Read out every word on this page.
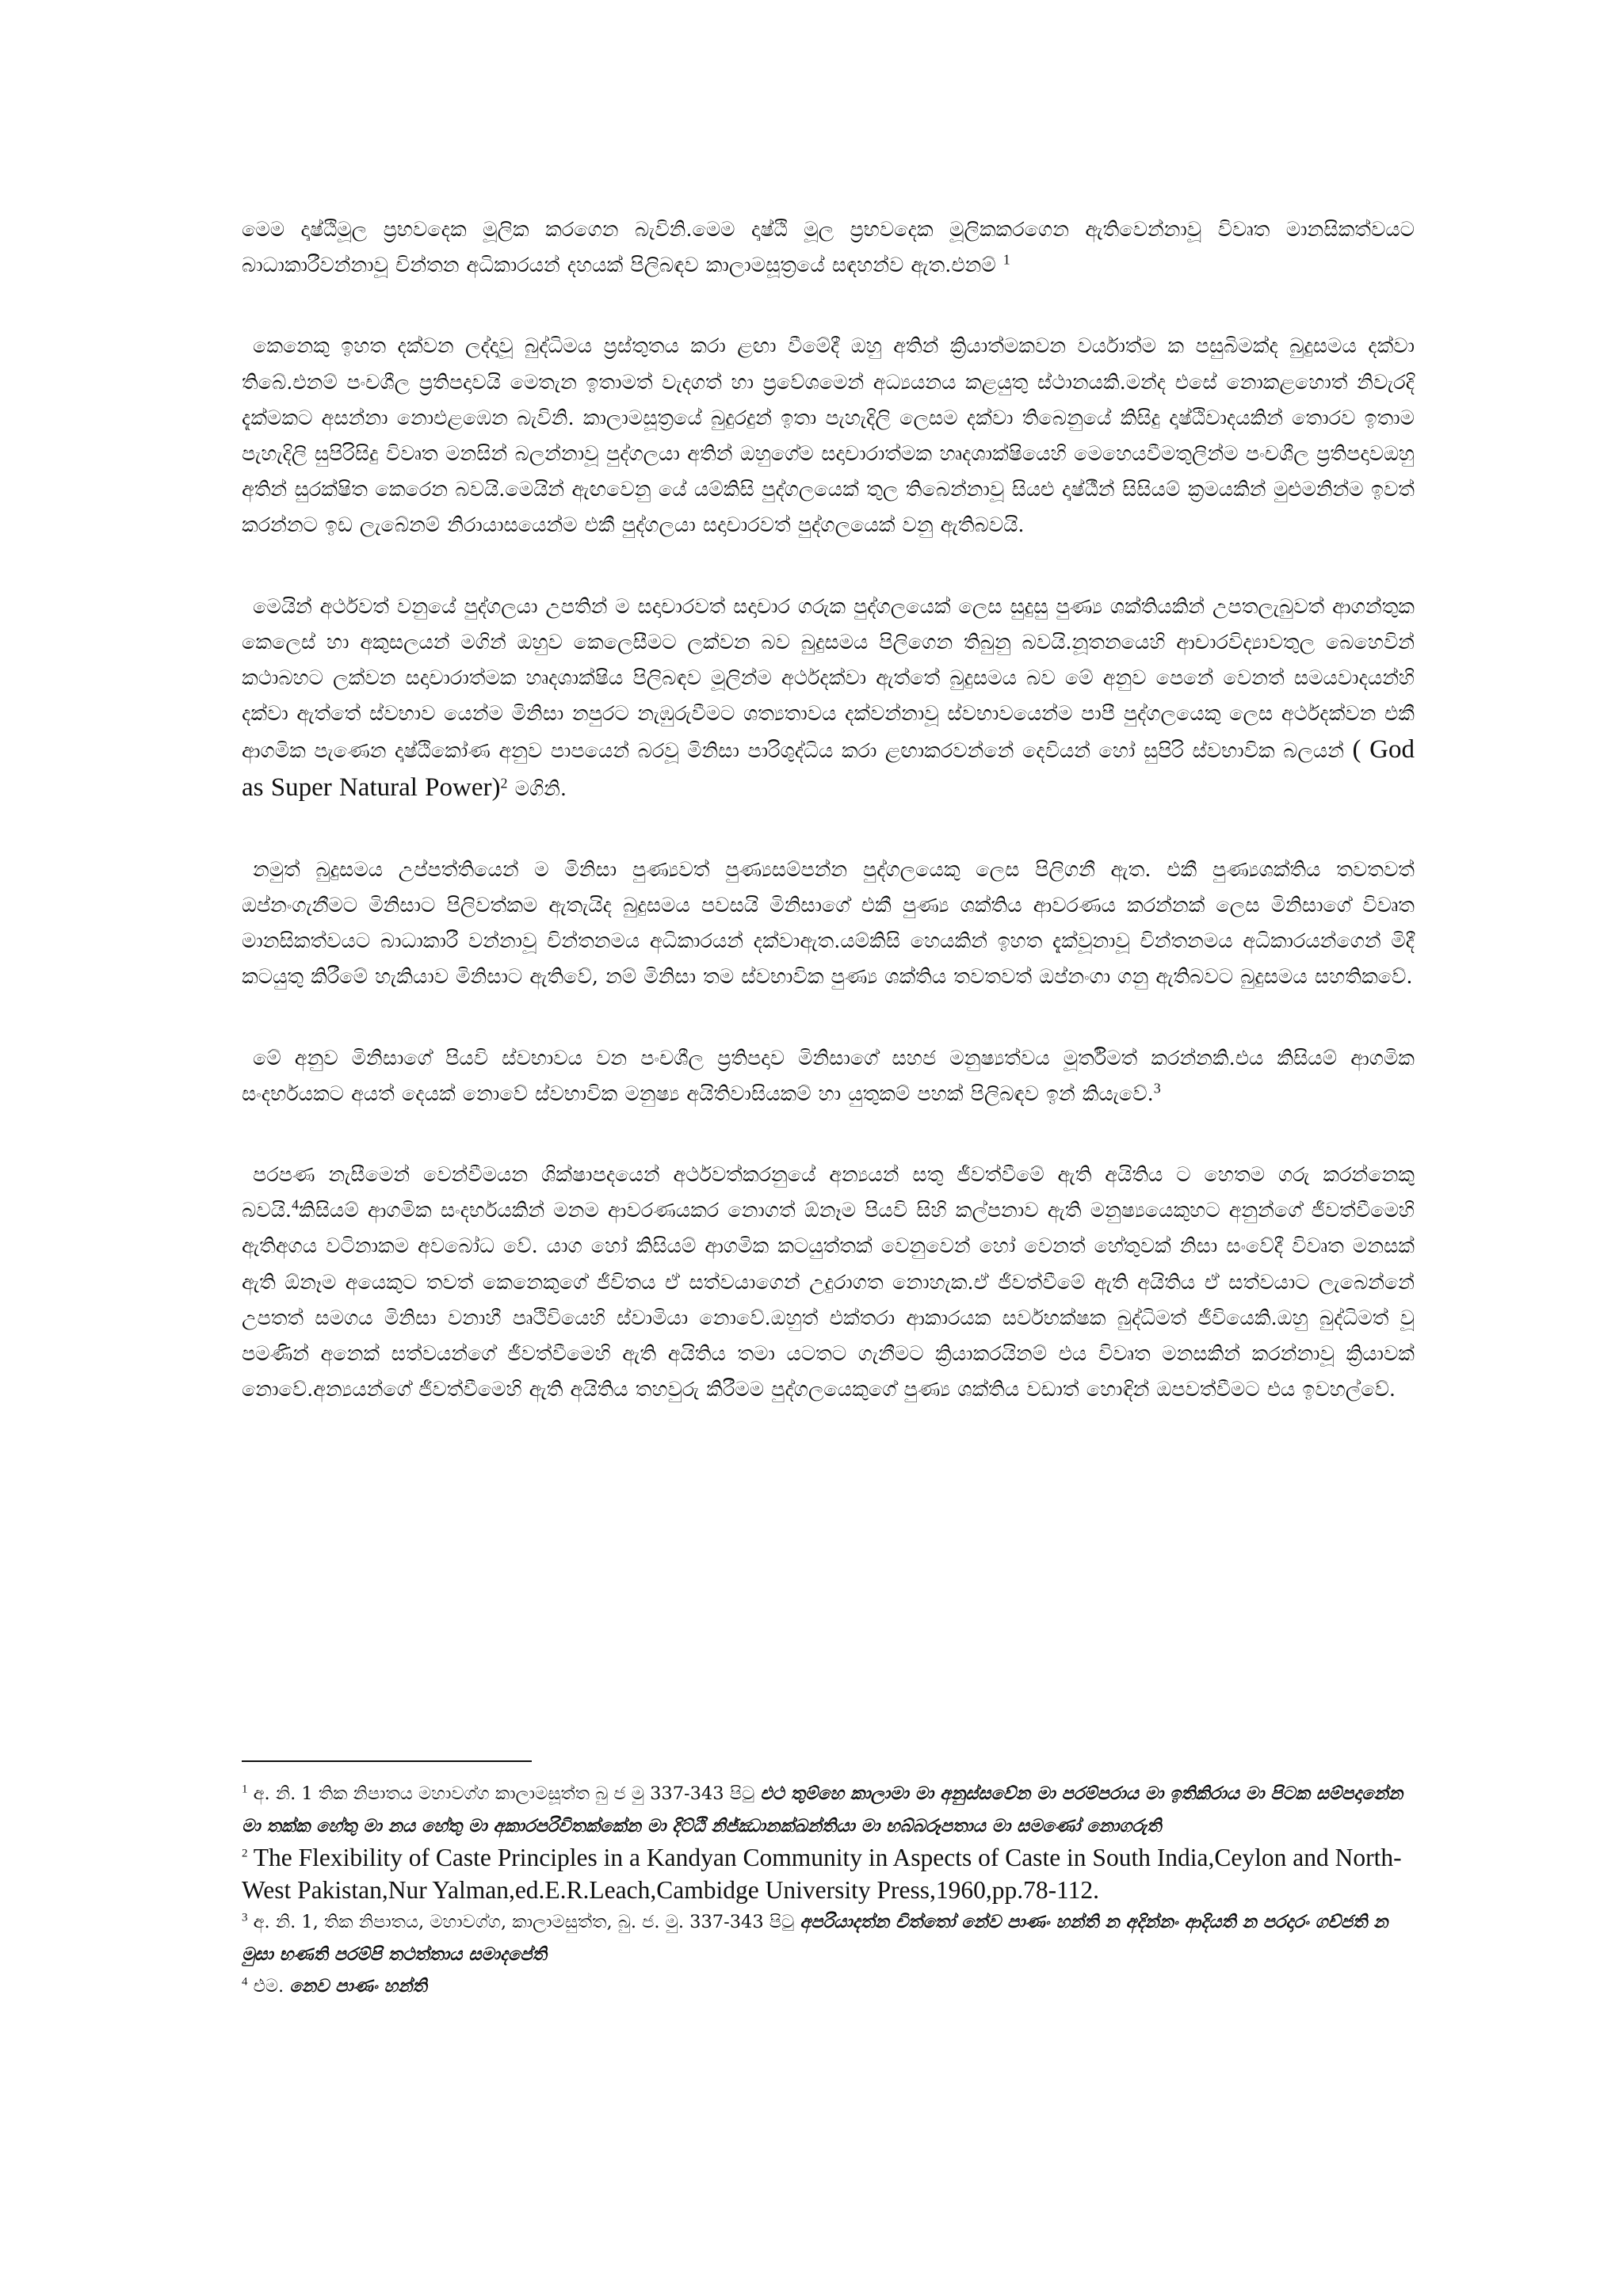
මෙම දෘෂ්ඨිමූල ප්‍රභවදෙක මූලික කරගෙන බැවිනි.මෙම දෘෂ්ඨි මූල ප්‍රභවදෙක මූලිකකරගෙන ඇතිවෙන්නාවූ විවෘත මානසිකත්වයට බාධාකාරීවන්නාවූ චින්තන අධිකාරයන් දහයක් පිලිබඳව කාලාමසූත්‍රයේ සඳහන්ව ඇත.එනම් $^1$

කෙනෙකු ඉහත දක්වන ලද්දාවූ බුද්ධිමය ප්‍රස්තුතය කරා ළඟා වීමේදී ඔහු අතින් ක්‍රියාත්මකවන වර්යාත්ම ක පසුබිමක්ද බුදුසමය දක්වා තිබේ.එනම් පංචශීල ප්‍රතිපදාවයි මෙතැන ඉතාමත් වැදගත් හා ප්‍රවේශමෙන් අධ්‍යයනය කළයුතු ස්ථානයකි.මන්ද එසේ නොකළහොත් නිවැරදි දැක්මකට අසන්නා නොඑළඹෙන බැවිනි. කාලාමසූත්‍රයේ බුදුරදුන් ඉතා පැහැදිලි ලෙසම දක්වා තිබෙනුයේ කිසිදු දෘෂ්ඨිවාදයකින් තොරව ඉතාම පැහැදිලි සුපිරිසිදු විවෘත මනසින් බලන්නාවූ පුද්ගලයා අතින් ඔහුගේම සදාචාරාත්මක හෘදශාක්ෂියෙහි මෙහෙයවීමතුලින්ම පංචශීල ප්‍රතිපදාවඔහු අතින් සුරක්ෂිත කෙරෙන බවයි.මෙයින් ඇඟවෙනු යේ යම්කිසි පුද්ගලයෙක් තුල තිබෙන්නාවූ සියළු දෘෂ්ඨීන් සිසියම් ක්‍රමයකින් මුළුමනින්ම ඉවත් කරන්නට ඉඩ ලැබේනම් නිරායාසයෙන්ම එකී පුද්ගලයා සදාචාරවත් පුද්ගලයෙක් වනු ඇතිබවයි.

මෙයින් අර්ථවත් වනුයේ පුද්ගලයා උපතින් ම සදාචාරවත් සදාචාර ගරුක පුද්ගලයෙක් ලෙස සුදුසු පුණ්‍ය ශක්තියකින් උපතලැබුවත් ආගන්තුක කෙලෙස් හා අකුසලයන් මගින් ඔහුව කෙලෙසීමට ලක්වන බව බුදුසමය පිලිගෙන තිබුනු බවයි.නූතනයෙහි ආචාරවිද්‍යාවතුල බෙහෙවින් කථාබහට ලක්වන සදාචාරාත්මක හෘදශාක්ෂිය පිලිබඳව මූලින්ම අර්ථදක්වා ඇත්තේ බුදුසමය බව මේ අනුව පෙනේ වෙනත් සමයවාදයන්හි දක්වා ඇත්තේ ස්වභාව යෙන්ම මිනිසා නපුරට නැඹුරුවීමට ශත්‍යතාවය දක්වන්නාවූ ස්වභාවයෙන්ම පාපී පුද්ගලයෙකු ලෙස අර්ථදක්වන එකී ආගමික පැණෙන දෘෂ්ඨිකෝණ අනුව පාපයෙන් බරවූ මිනිසා පාරිශුද්ධිය කරා ළඟාකරවන්නේ දෙවියන් හෝ සුපිරි ස්වභාවික බලයන් ( God as Super Natural Power)$^2$ මගිනි.

නමුත් බුදුසමය උප්පත්තියෙන් ම මිනිසා පුණ්‍යවත් පුණ්‍යසම්පන්න පුද්ගලයෙකු ලෙස පිලිගනී ඇත. එකී පුණ්‍යශක්තිය තවතවත් ඔප්නංගැනීමට මිනිසාට පිලිවත්කම ඇතැයිද බුදුසමය පවසයි මිනිසාගේ එකී පුණ්‍ය ශක්තිය ආවරණය කරන්නක් ලෙස මිනිසාගේ විවෘත මානසිකත්වයට බාධාකාරී වන්නාවූ චින්තනමය අධිකාරයන් දක්වාඇත.යම්කිසි හෙයකින් ඉහත දැක්වූනාවූ චින්තනමය අධිකාරයන්ගෙන් මිදී කටයුතු කිරීමේ හැකියාව මිනිසාට ඇතිවේ, නම් මිනිසා තම ස්වභාවික පුණ්‍ය ශක්තිය තවතවත් ඔප්නංගා ගනු ඇතිබවට බුදුසමය සහතිකවේ.

මේ අනුව මිනිසාගේ පියවි ස්වභාවය වන පංචශීල ප්‍රතිපදාව මිනිසාගේ සහජ මනුෂ්‍යත්වය මූර්තිමත් කරන්නකි.එය කිසියම් ආගමික සංදර්භයකට අයත් දෙයක් නොවේ ස්වභාවික මනුෂ්‍ය අයිතිවාසියකම් හා යුතුකම් පහක් පිලිබඳව ඉන් කියැවේ.$^3$

පරපණ නැසීමෙන් වෙන්වීමයන ශික්ෂාපදයෙන් අර්ථවත්කරනුයේ අන්‍යයන් සතු ජීවත්වීමේ ඇති අයිතිය ට හෙතම ගරු කරන්නෙකු බවයි.$^4$කිසියම් ආගමික සංදර්භයකින් මනම ආවරණයකර නොගත් ඕනෑම පියවි සිහි කල්පනාව ඇති මනුෂ්‍යයෙකුහට අනුන්ගේ ජීවත්වීමෙහි ඇතිඅගය වටිනාකම අවබෝධ වේ. යාග හෝ කිසියම් ආගමික කටයුත්තක් වෙනුවෙන් හෝ වෙනත් හේතුවක් නිසා සංවේදී විවෘත මනසක් ඇති ඕනෑම අයෙකුට තවත් කෙනෙකුගේ ජීවිතය ඒ සත්වයාගෙන් උදුරාගත නොහැක.ඒ ජීවත්වීමේ ඇති අයිතිය ඒ සත්වයාට ලැබෙන්නේ උපතත් සමගය මිනිසා වනාහී පෘථිවියෙහි ස්වාමියා නොවේ.ඔහුත් එක්තරා ආකාරයක සර්වභක්ෂක බුද්ධිමත් ජීවියෙකි.ඔහු බුද්ධිමත් වූ පමණින් අනෙක් සත්වයන්ගේ ජීවත්වීමෙහි ඇති අයිතිය තමා යටතට ගැනීමට ක්‍රියාකරයිනම් එය විවෘත මනසකින් කරන්නාවූ ක්‍රියාවක් නොවේ.අන්‍යයන්ගේ ජීවත්වීමෙහි ඇති අයිතිය තහවුරු කිරීමම පුද්ගලයෙකුගේ පුණ්‍ය ශක්තිය වඩාත් හොඳින් ඔපවත්වීමට එය ඉවහල්වේ.

$^1$ අ. නි. 1 තික නිපාතය මහාවග්ග කාලාමසූත්ත බු ජ මු 337-343 පිටු එථ තුම්හෙ කාලාමා මා අනුස්සවේන මා පරම්පරාය මා ඉතිකිරාය මා පිටක සම්පදානේන මා තක්ක හේතු මා නය හේතු මා අකාරපරිවිතක්කේන මා දිට්ඨි නිජ්ඣානක්ඛන්තියා මා භබ්බරූපතාය මා සමණෝ නොගරුති

$^2$ The Flexibility of Caste Principles in a Kandyan Community in Aspects of Caste in South India,Ceylon and North-West Pakistan,Nur Yalman,ed.E.R.Leach,Cambidge University Press,1960,pp.78-112.

$^3$ අ. නි. 1, තික නිපාතය, මහාවග්ග, කාලාමසුත්ත, බු. ජ. මු. 337-343 පිටු අපරියාදත්න චිත්තෝ නේව පාණං හන්ති න අදින්නං ආදියති න පරදාරං ගච්ජති න මුසා භණති පරම්පි තථත්තාය සමාදපේති

$^4$ එම. නෙව පාණං හන්ති
